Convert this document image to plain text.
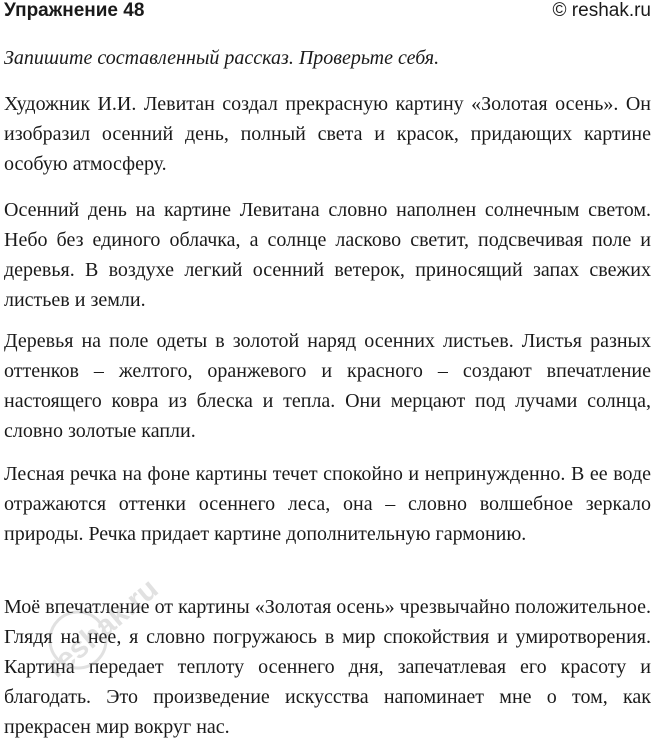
Упражнение 48	© reshak.ru

Запишите составленный рассказ. Проверьте себя.

Художник И.И. Левитан создал прекрасную картину «Золотая осень». Он изобразил осенний день, полный света и красок, придающих картине особую атмосферу.

Осенний день на картине Левитана словно наполнен солнечным светом. Небо без единого облачка, а солнце ласково светит, подсвечивая поле и деревья. В воздухе легкий осенний ветерок, приносящий запах свежих листьев и земли.

Деревья на поле одеты в золотой наряд осенних листьев. Листья разных оттенков – желтого, оранжевого и красного – создают впечатление настоящего ковра из блеска и тепла. Они мерцают под лучами солнца, словно золотые капли.

Лесная речка на фоне картины течет спокойно и непринужденно. В ее воде отражаются оттенки осеннего леса, она – словно волшебное зеркало природы. Речка придает картине дополнительную гармонию.

Моё впечатление от картины «Золотая осень» чрезвычайно положительное. Глядя на нее, я словно погружаюсь в мир спокойствия и умиротворения. Картина передает теплоту осеннего дня, запечатлевая его красоту и благодать. Это произведение искусства напоминает мне о том, как прекрасен мир вокруг нас.

reshak.ru
